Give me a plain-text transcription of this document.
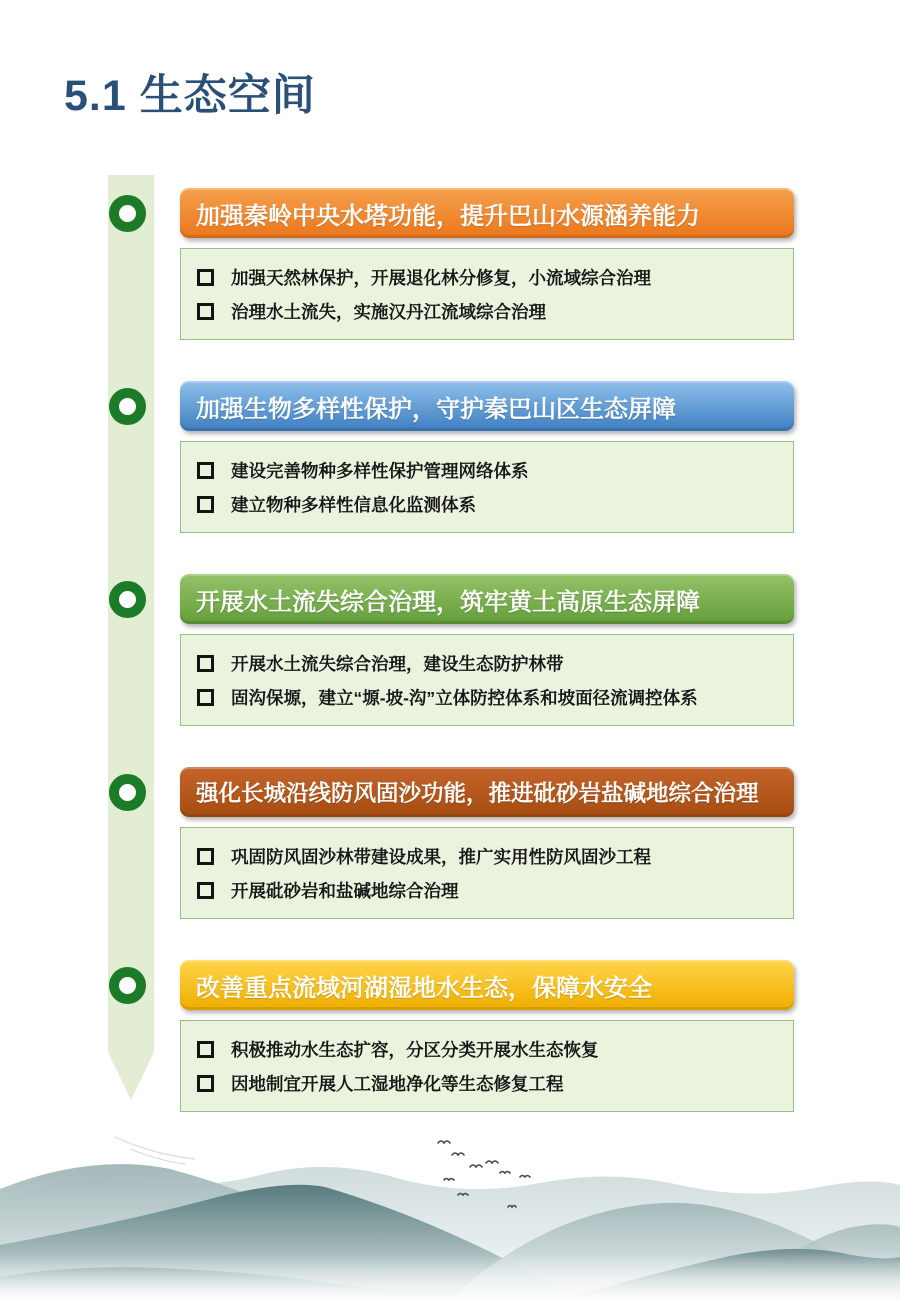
5.1 生态空间
加强秦岭中央水塔功能，提升巴山水源涵养能力
加强天然林保护，开展退化林分修复，小流域综合治理
治理水土流失，实施汉丹江流域综合治理
加强生物多样性保护，守护秦巴山区生态屏障
建设完善物种多样性保护管理网络体系
建立物种多样性信息化监测体系
开展水土流失综合治理，筑牢黄土高原生态屏障
开展水土流失综合治理，建设生态防护林带
固沟保塬，建立“塬-坡-沟”立体防控体系和坡面径流调控体系
强化长城沿线防风固沙功能，推进砒砂岩盐碱地综合治理
巩固防风固沙林带建设成果，推广实用性防风固沙工程
开展砒砂岩和盐碱地综合治理
改善重点流域河湖湿地水生态，保障水安全
积极推动水生态扩容，分区分类开展水生态恢复
因地制宜开展人工湿地净化等生态修复工程
